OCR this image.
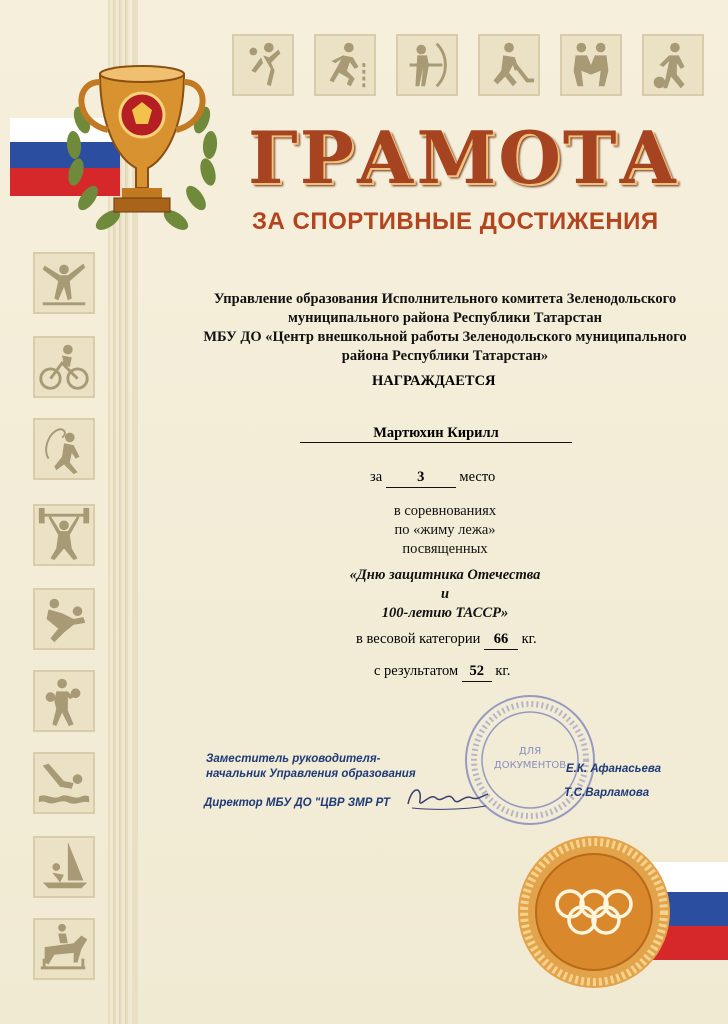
ГРАМОТА
ЗА СПОРТИВНЫЕ ДОСТИЖЕНИЯ
Управление образования Исполнительного комитета Зеленодольского
муниципального района Республики Татарстан
МБУ ДО «Центр внешкольной работы Зеленодольского муниципального
района Республики Татарстан»
НАГРАЖДАЕТСЯ
Мартюхин Кирилл
за 3 место
в соревнованиях
по «жиму лежа»
посвященных
«Дню защитника Отечества
и
100-летию ТАССР»
в весовой категории 66 кг.
с результатом 52 кг.
ДЛЯ
ДОКУМЕНТОВ
Заместитель руководителя-
начальник Управления образования	Е.К. Афанасьева
Директор МБУ ДО "ЦВР ЗМР РТ
Т.С.Варламова
